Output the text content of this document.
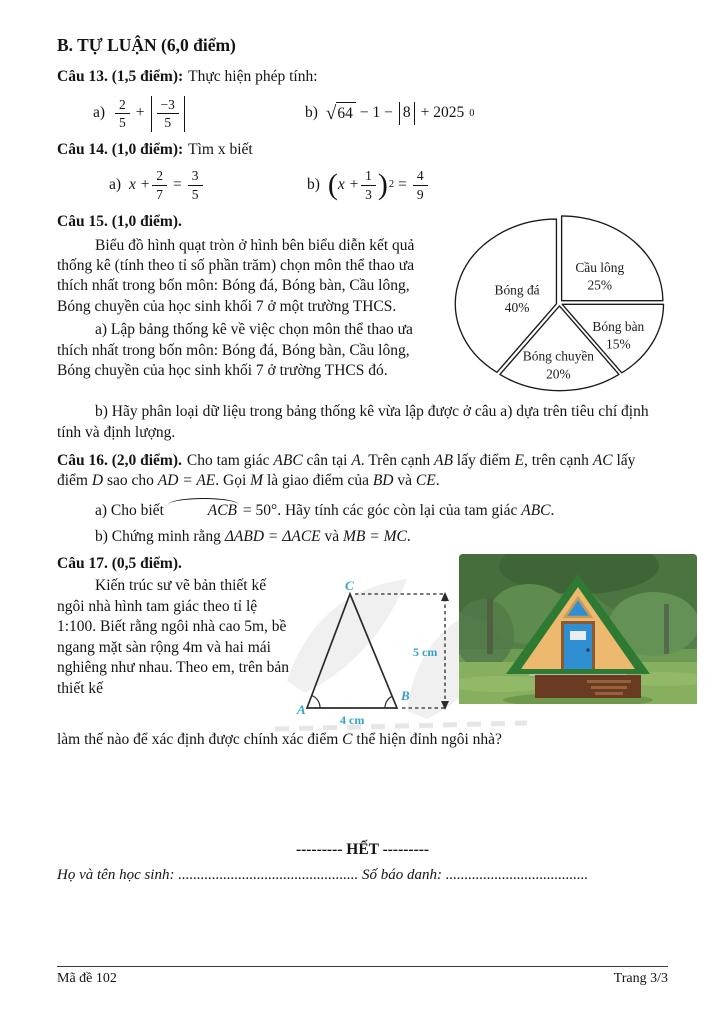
B. TỰ LUẬN (6,0 điểm)
Câu 13. (1,5 điểm): Thực hiện phép tính:
$a) \frac{2}{5} + \frac{-3}{5}$	b) √ 64 − 1 − 8 + 2025 0
Câu 14. (1,0 điểm): Tìm x biết
a) $x + \frac{2}{7} = \frac{3}{5}$	b) ( $x + \frac{1}{3}$ ) $2 = \frac{4}{9}$
Cầu lông
25%
Bóng đá
40%
Bóng bàn
15%
Bóng chuyền
20%
Câu 15. (1,0 điểm).

Biểu đồ hình quạt tròn ở hình bên biểu diễn kết quả thống kê (tính theo tỉ số phần trăm) chọn môn thể thao ưa thích nhất trong bốn môn: Bóng đá, Bóng bàn, Cầu lông, Bóng chuyền của học sinh khối 7 ở một trường THCS.

a) Lập bảng thống kê về việc chọn môn thể thao ưa thích nhất trong bốn môn: Bóng đá, Bóng bàn, Cầu lông, Bóng chuyền của học sinh khối 7 ở trường THCS đó.

b) Hãy phân loại dữ liệu trong bảng thống kê vừa lập được ở câu a) dựa trên tiêu chí định tính và định lượng.

Câu 16. (2,0 điểm). Cho tam giác ABC cân tại A. Trên cạnh AB lấy điểm E, trên cạnh AC lấy điểm D sao cho AD = AE. Gọi M là giao điểm của BD và CE.

a) Cho biết	ACB = 50°. Hãy tính các góc còn lại của tam giác ABC.

b) Chứng minh rằng ΔABD = ΔACE và MB = MC.

Câu 17. (0,5 điểm).
Kiến trúc sư vẽ bản thiết kế ngôi nhà hình tam giác theo tỉ lệ 1:100. Biết rằng ngôi nhà cao 5m, bề ngang mặt sàn rộng 4m và hai mái nghiêng như nhau. Theo em, trên bản thiết kế
A
B
C
4 cm
5 cm

làm thế nào để xác định được chính xác điểm C thể hiện đỉnh ngôi nhà?

--------- HẾT ---------
Họ và tên học sinh: ................................................ Số báo danh: ......................................
Mã đề 102	Trang 3/3
